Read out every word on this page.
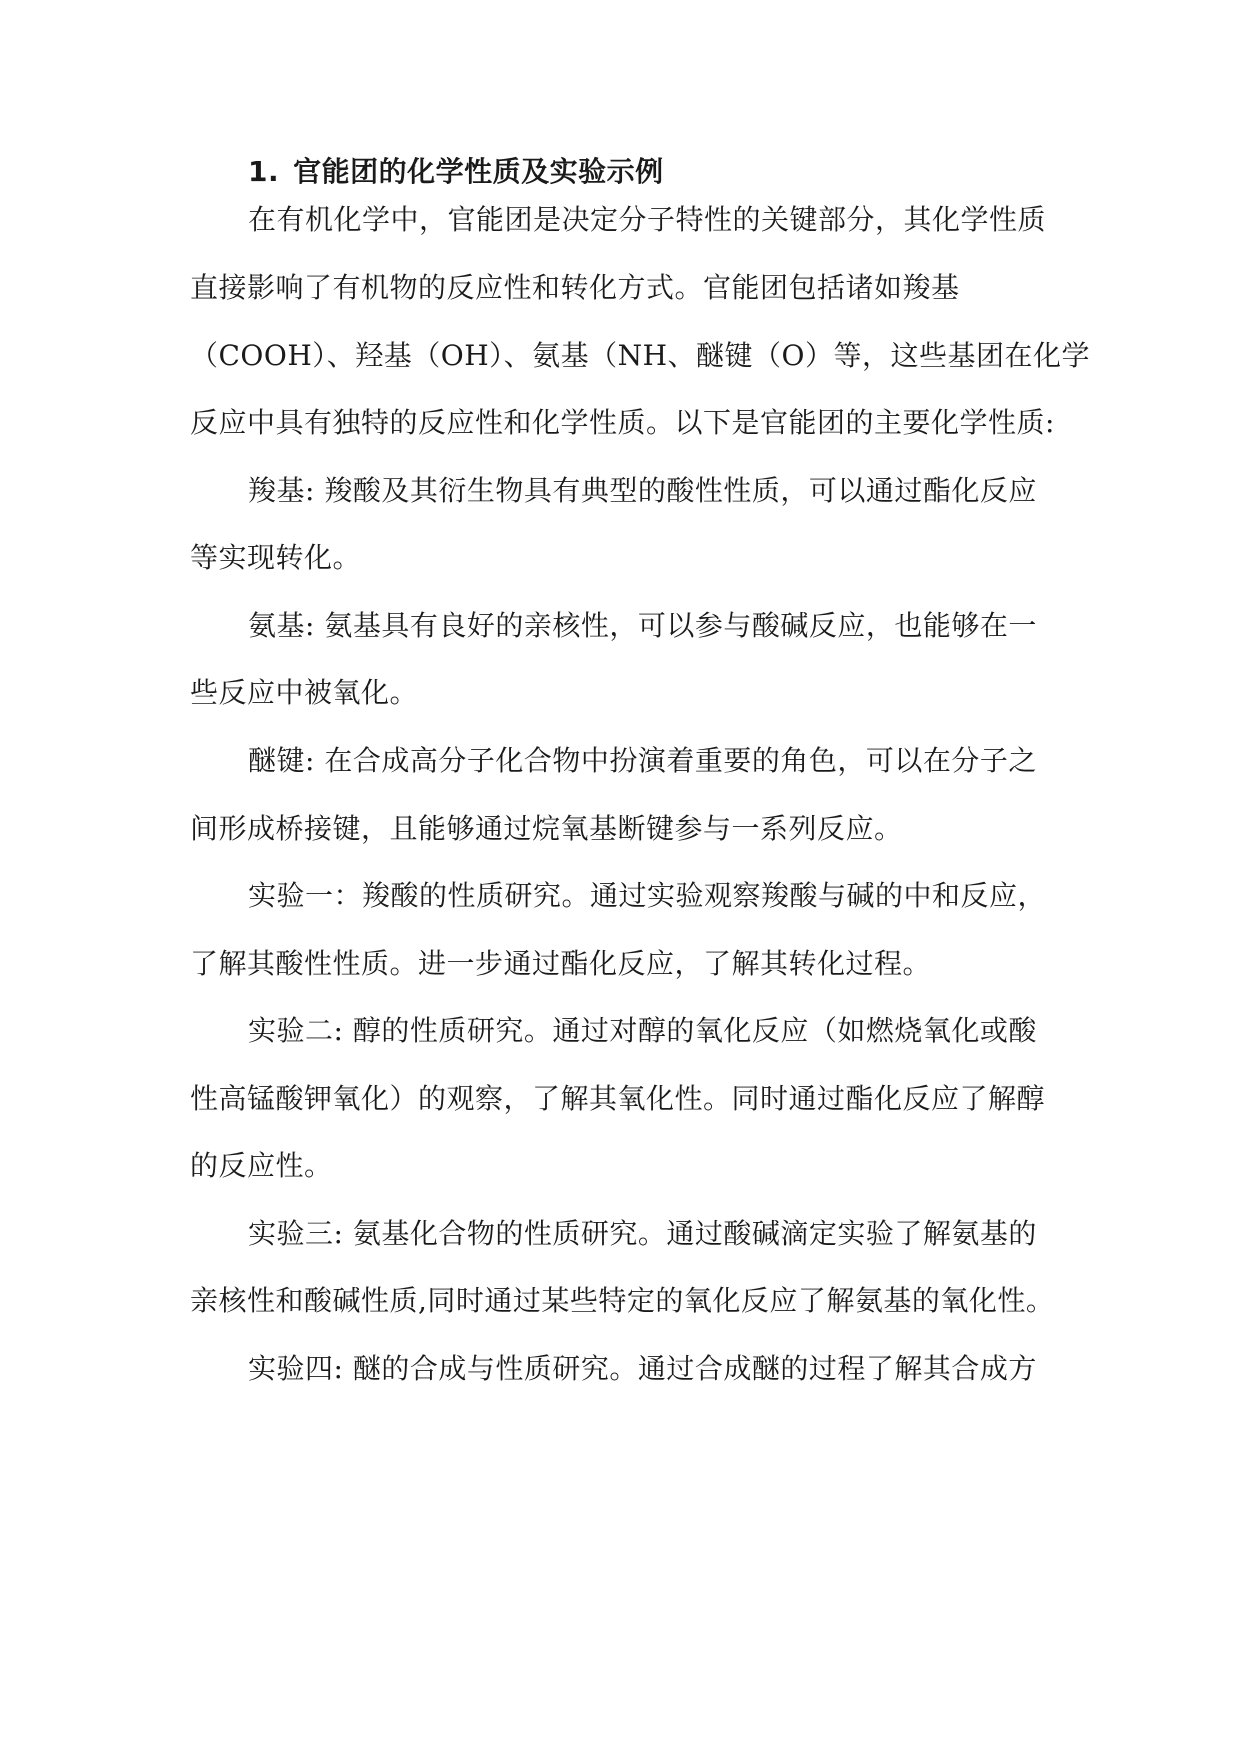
1. 官能团的化学性质及实验示例
在有机化学中，官能团是决定分子特性的关键部分，其化学性质
直接影响了有机物的反应性和转化方式。官能团包括诸如羧基
（COOH）、羟基（OH）、氨基（NH、醚键（O）等，这些基团在化学
反应中具有独特的反应性和化学性质。以下是官能团的主要化学性质:
羧基: 羧酸及其衍生物具有典型的酸性性质，可以通过酯化反应
等实现转化。
氨基: 氨基具有良好的亲核性，可以参与酸碱反应，也能够在一
些反应中被氧化。
醚键: 在合成高分子化合物中扮演着重要的角色，可以在分子之
间形成桥接键，且能够通过烷氧基断键参与一系列反应。
实验一：羧酸的性质研究。通过实验观察羧酸与碱的中和反应，
了解其酸性性质。进一步通过酯化反应，了解其转化过程。
实验二: 醇的性质研究。通过对醇的氧化反应（如燃烧氧化或酸
性高锰酸钾氧化）的观察，了解其氧化性。同时通过酯化反应了解醇
的反应性。
实验三: 氨基化合物的性质研究。通过酸碱滴定实验了解氨基的
亲核性和酸碱性质,同时通过某些特定的氧化反应了解氨基的氧化性。
实验四: 醚的合成与性质研究。通过合成醚的过程了解其合成方
